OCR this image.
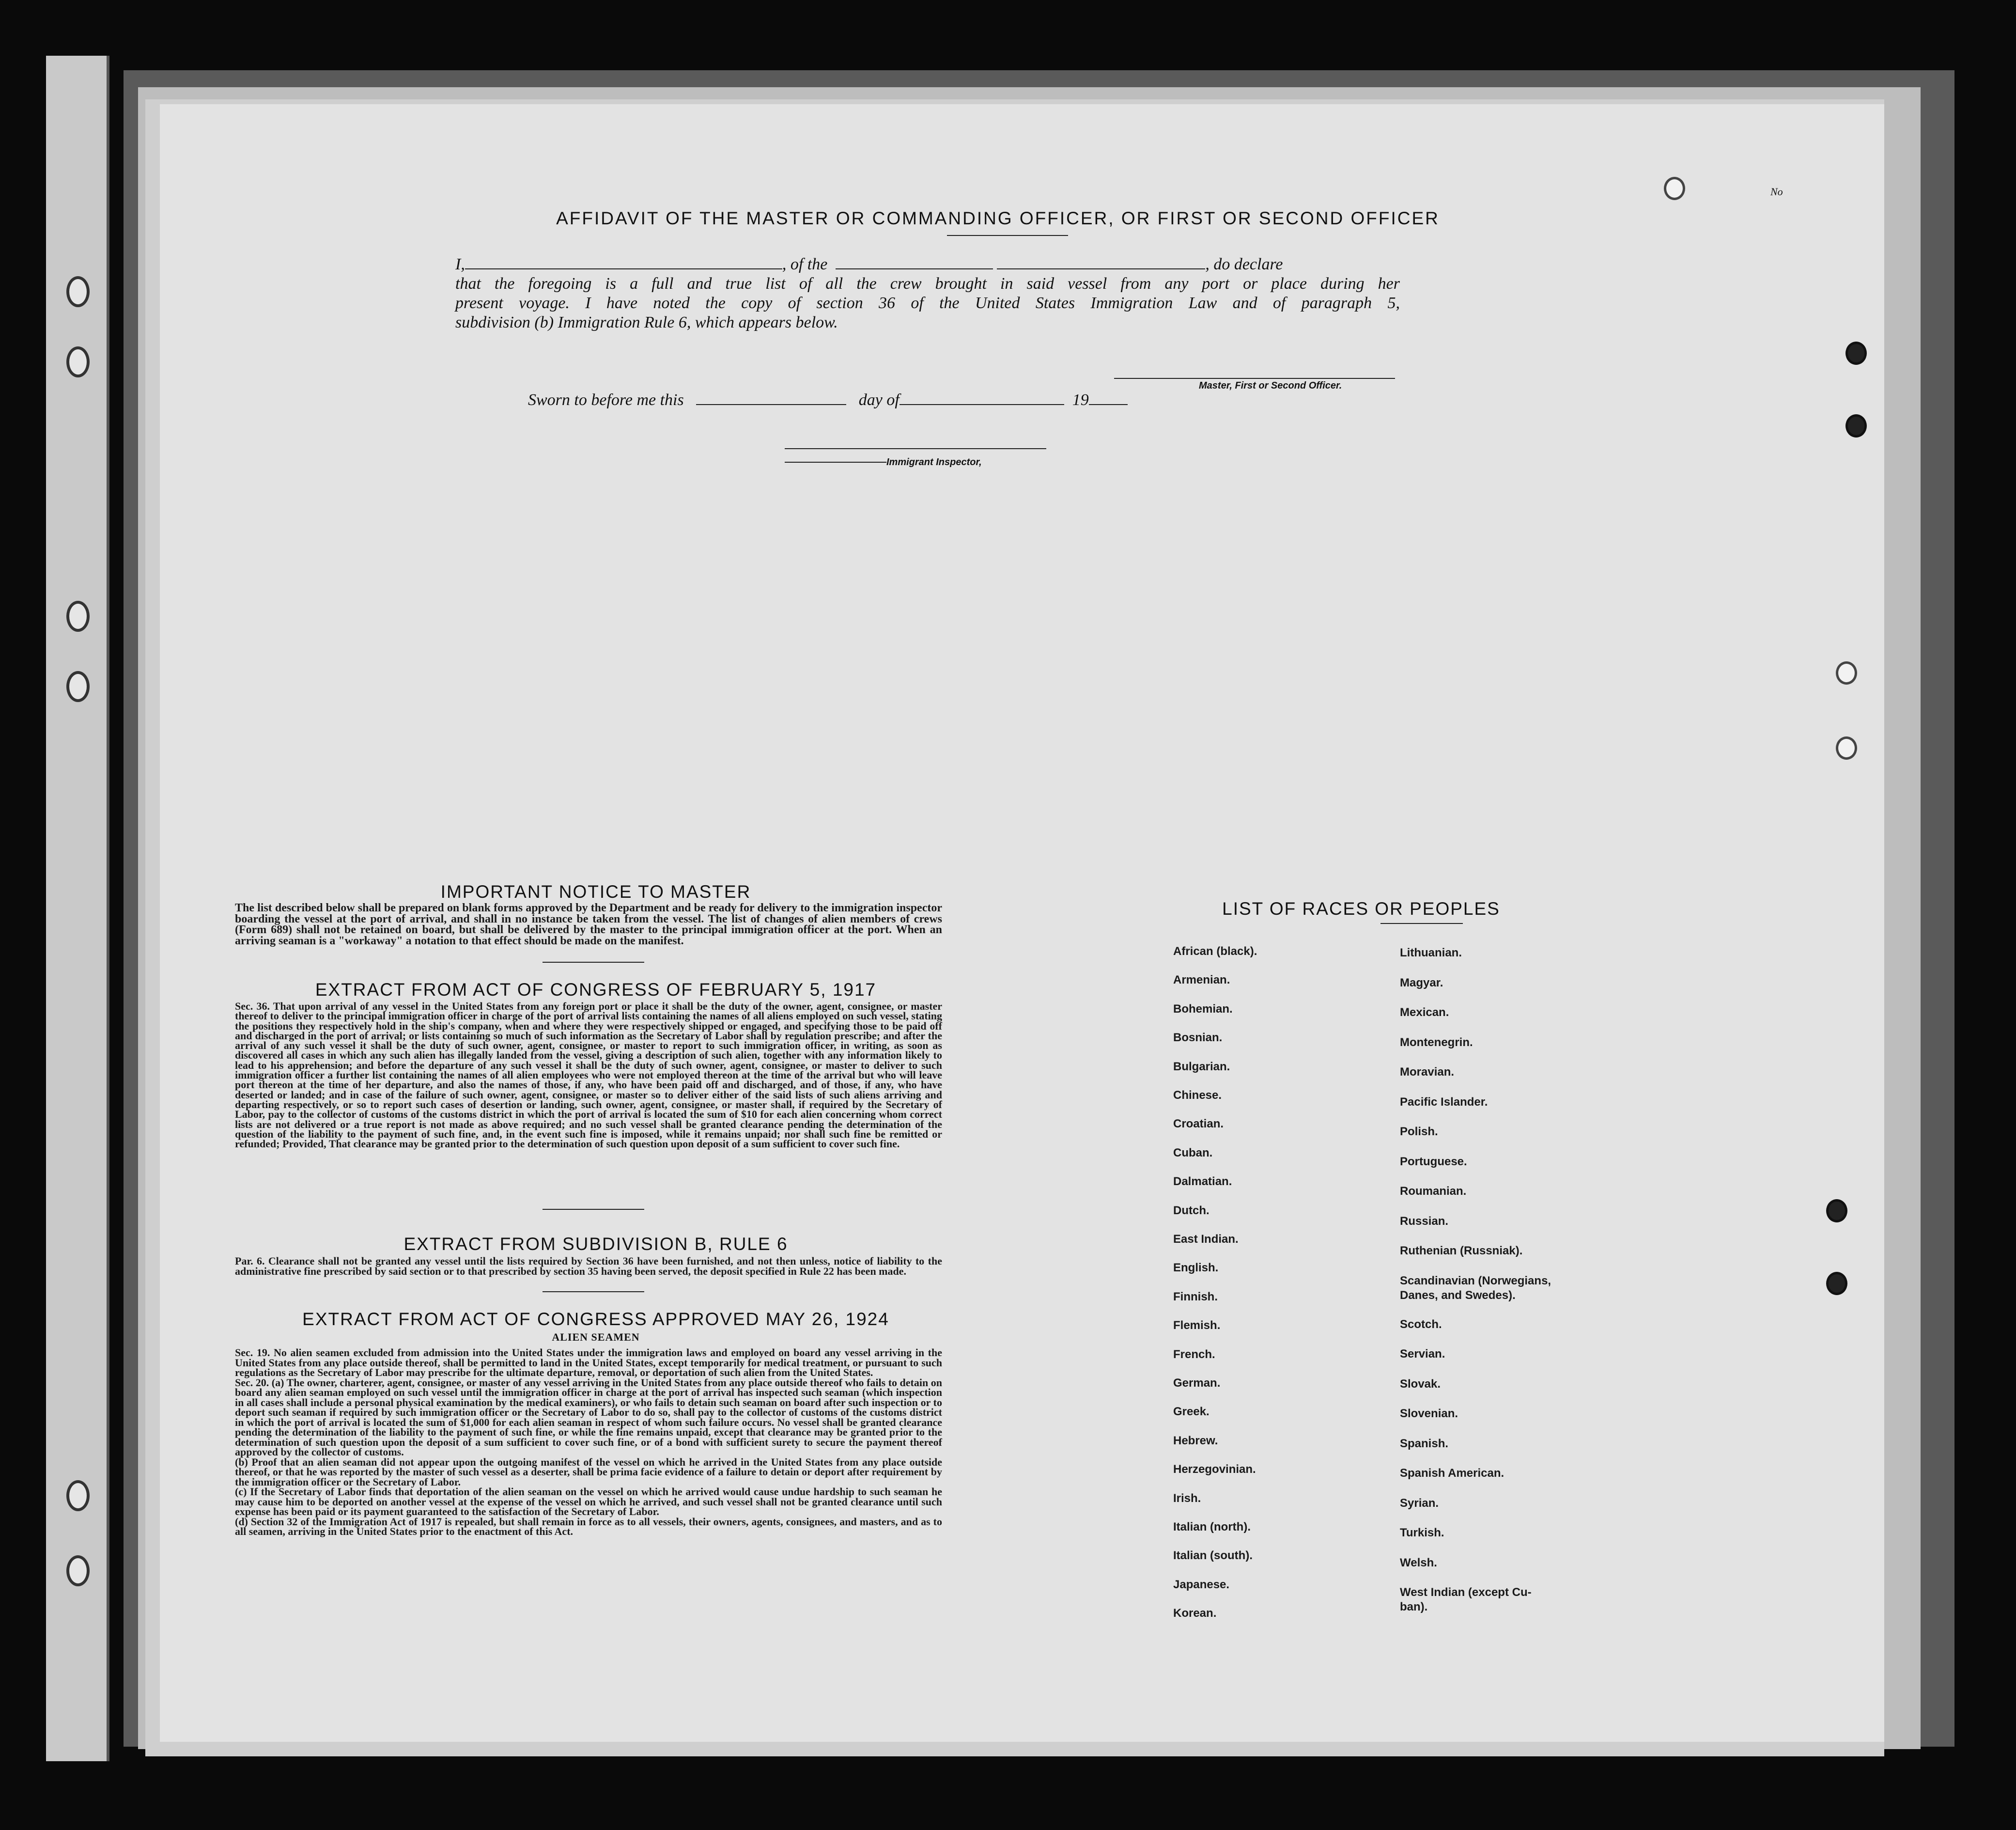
No
AFFIDAVIT OF THE MASTER OR COMMANDING OFFICER, OR FIRST OR SECOND OFFICER
I,	, of the	, do declare
that the foregoing is a full and true list of all the crew brought in said vessel from any port or place during her
present voyage. I have noted the copy of section 36 of the United States Immigration Law and of paragraph 5,
subdivision (b) Immigration Rule 6, which appears below.
Master, First or Second Officer.
Sworn to before me this	day of	19
Immigrant Inspector,
IMPORTANT NOTICE TO MASTER
The list described below shall be prepared on blank forms approved by the Department and be ready for delivery to the immigration inspector boarding the vessel at the port of arrival, and shall in no instance be taken from the vessel. The list of changes of alien members of crews (Form 689) shall not be retained on board, but shall be delivered by the master to the principal immigration officer at the port. When an arriving seaman is a "workaway" a notation to that effect should be made on the manifest.
EXTRACT FROM ACT OF CONGRESS OF FEBRUARY 5, 1917
Sec. 36. That upon arrival of any vessel in the United States from any foreign port or place it shall be the duty of the owner, agent, consignee, or master thereof to deliver to the principal immigration officer in charge of the port of arrival lists containing the names of all aliens employed on such vessel, stating the positions they respectively hold in the ship's company, when and where they were respectively shipped or engaged, and specifying those to be paid off and discharged in the port of arrival; or lists containing so much of such information as the Secretary of Labor shall by regulation prescribe; and after the arrival of any such vessel it shall be the duty of such owner, agent, consignee, or master to report to such immigration officer, in writing, as soon as discovered all cases in which any such alien has illegally landed from the vessel, giving a description of such alien, together with any information likely to lead to his apprehension; and before the departure of any such vessel it shall be the duty of such owner, agent, consignee, or master to deliver to such immigration officer a further list containing the names of all alien employees who were not employed thereon at the time of the arrival but who will leave port thereon at the time of her departure, and also the names of those, if any, who have been paid off and discharged, and of those, if any, who have deserted or landed; and in case of the failure of such owner, agent, consignee, or master so to deliver either of the said lists of such aliens arriving and departing respectively, or so to report such cases of desertion or landing, such owner, agent, consignee, or master shall, if required by the Secretary of Labor, pay to the collector of customs of the customs district in which the port of arrival is located the sum of $10 for each alien concerning whom correct lists are not delivered or a true report is not made as above required; and no such vessel shall be granted clearance pending the determination of the question of the liability to the payment of such fine, and, in the event such fine is imposed, while it remains unpaid; nor shall such fine be remitted or refunded; Provided, That clearance may be granted prior to the determination of such question upon deposit of a sum sufficient to cover such fine.
EXTRACT FROM SUBDIVISION B, RULE 6
Par. 6. Clearance shall not be granted any vessel until the lists required by Section 36 have been furnished, and not then unless, notice of liability to the administrative fine prescribed by said section or to that prescribed by section 35 having been served, the deposit specified in Rule 22 has been made.
EXTRACT FROM ACT OF CONGRESS APPROVED MAY 26, 1924
ALIEN SEAMEN
Sec. 19. No alien seamen excluded from admission into the United States under the immigration laws and employed on board any vessel arriving in the United States from any place outside thereof, shall be permitted to land in the United States, except temporarily for medical treatment, or pursuant to such regulations as the Secretary of Labor may prescribe for the ultimate departure, removal, or deportation of such alien from the United States.
Sec. 20. (a) The owner, charterer, agent, consignee, or master of any vessel arriving in the United States from any place outside thereof who fails to detain on board any alien seaman employed on such vessel until the immigration officer in charge at the port of arrival has inspected such seaman (which inspection in all cases shall include a personal physical examination by the medical examiners), or who fails to detain such seaman on board after such inspection or to deport such seaman if required by such immigration officer or the Secretary of Labor to do so, shall pay to the collector of customs of the customs district in which the port of arrival is located the sum of $1,000 for each alien seaman in respect of whom such failure occurs. No vessel shall be granted clearance pending the determination of the liability to the payment of such fine, or while the fine remains unpaid, except that clearance may be granted prior to the determination of such question upon the deposit of a sum sufficient to cover such fine, or of a bond with sufficient surety to secure the payment thereof approved by the collector of customs.
(b) Proof that an alien seaman did not appear upon the outgoing manifest of the vessel on which he arrived in the United States from any place outside thereof, or that he was reported by the master of such vessel as a deserter, shall be prima facie evidence of a failure to detain or deport after requirement by the immigration officer or the Secretary of Labor.
(c) If the Secretary of Labor finds that deportation of the alien seaman on the vessel on which he arrived would cause undue hardship to such seaman he may cause him to be deported on another vessel at the expense of the vessel on which he arrived, and such vessel shall not be granted clearance until such expense has been paid or its payment guaranteed to the satisfaction of the Secretary of Labor.
(d) Section 32 of the Immigration Act of 1917 is repealed, but shall remain in force as to all vessels, their owners, agents, consignees, and masters, and as to all seamen, arriving in the United States prior to the enactment of this Act.
LIST OF RACES OR PEOPLES
African (black).
Armenian.
Bohemian.
Bosnian.
Bulgarian.
Chinese.
Croatian.
Cuban.
Dalmatian.
Dutch.
East Indian.
English.
Finnish.
Flemish.
French.
German.
Greek.
Hebrew.
Herzegovinian.
Irish.
Italian (north).
Italian (south).
Japanese.
Korean.
Lithuanian.
Magyar.
Mexican.
Montenegrin.
Moravian.
Pacific Islander.
Polish.
Portuguese.
Roumanian.
Russian.
Ruthenian (Russniak).
Scandinavian (Norwegians,
Danes, and Swedes).
Scotch.
Servian.
Slovak.
Slovenian.
Spanish.
Spanish American.
Syrian.
Turkish.
Welsh.
West Indian (except Cu-
ban).
